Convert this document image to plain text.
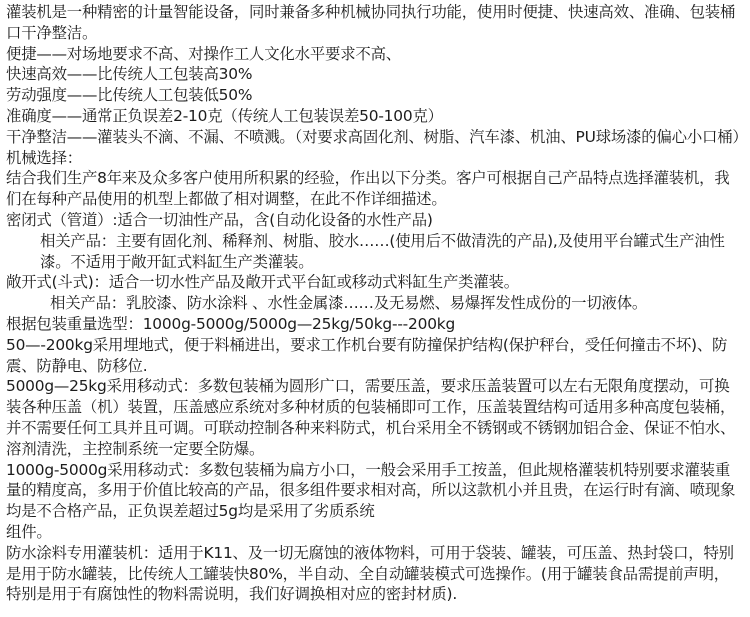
灌装机是一种精密的计量智能设备，同时兼备多种机械协同执行功能，使用时便捷、快速高效、准确、包装桶口干净整洁。

便捷——对场地要求不高、对操作工人文化水平要求不高、

快速高效——比传统人工包装高30%

劳动强度——比传统人工包装低50%

准确度——通常正负误差2-10克（传统人工包装误差50-100克）

干净整洁——灌装头不滴、不漏、不喷溅。（对要求高固化剂、树脂、汽车漆、机油、PU球场漆的偏心小口桶）

机械选择：

结合我们生产8年来及众多客户使用所积累的经验，作出以下分类。客户可根据自己产品特点选择灌装机，我们在每种产品使用的机型上都做了相对调整，在此不作详细描述。

密闭式（管道）:适合一切油性产品，含(自动化设备的水性产品)

相关产品：主要有固化剂、稀释剂、树脂、胶水……(使用后不做清洗的产品),及使用平台罐式生产油性漆。不适用于敞开缸式料缸生产类灌装。

敞开式(斗式)：适合一切水性产品及敞开式平台缸或移动式料缸生产类灌装。

相关产品：乳胶漆、防水涂料 、水性金属漆……及无易燃、易爆挥发性成份的一切液体。

根据包装重量选型：1000g-5000g/5000g—25kg/50kg---200kg

50—-200kg采用埋地式，便于料桶进出，要求工作机台要有防撞保护结构(保护秤台，受任何撞击不坏)、防震、防静电、防移位.

5000g—25kg采用移动式：多数包装桶为圆形广口，需要压盖，要求压盖装置可以左右无限角度摆动，可换装各种压盖（机）装置，压盖感应系统对多种材质的包装桶即可工作，压盖装置结构可适用多种高度包装桶，并不需要任何工具并且可调。可联动控制各种来料防式，机台采用全不锈钢或不锈钢加铝合金、保证不怕水、溶剂清洗，主控制系统一定要全防爆。

1000g-5000g采用移动式：多数包装桶为扁方小口，一般会采用手工按盖，但此规格灌装机特别要求灌装重量的精度高，多用于价值比较高的产品，很多组件要求相对高，所以这款机小并且贵，在运行时有滴、喷现象均是不合格产品，正负误差超过5g均是采用了劣质系统

组件。

防水涂料专用灌装机：适用于K11、及一切无腐蚀的液体物料，可用于袋装、罐装，可压盖、热封袋口，特别是用于防水罐装，比传统人工罐装快80%，半自动、全自动罐装模式可选操作。(用于罐装食品需提前声明，特别是用于有腐蚀性的物料需说明，我们好调换相对应的密封材质).
